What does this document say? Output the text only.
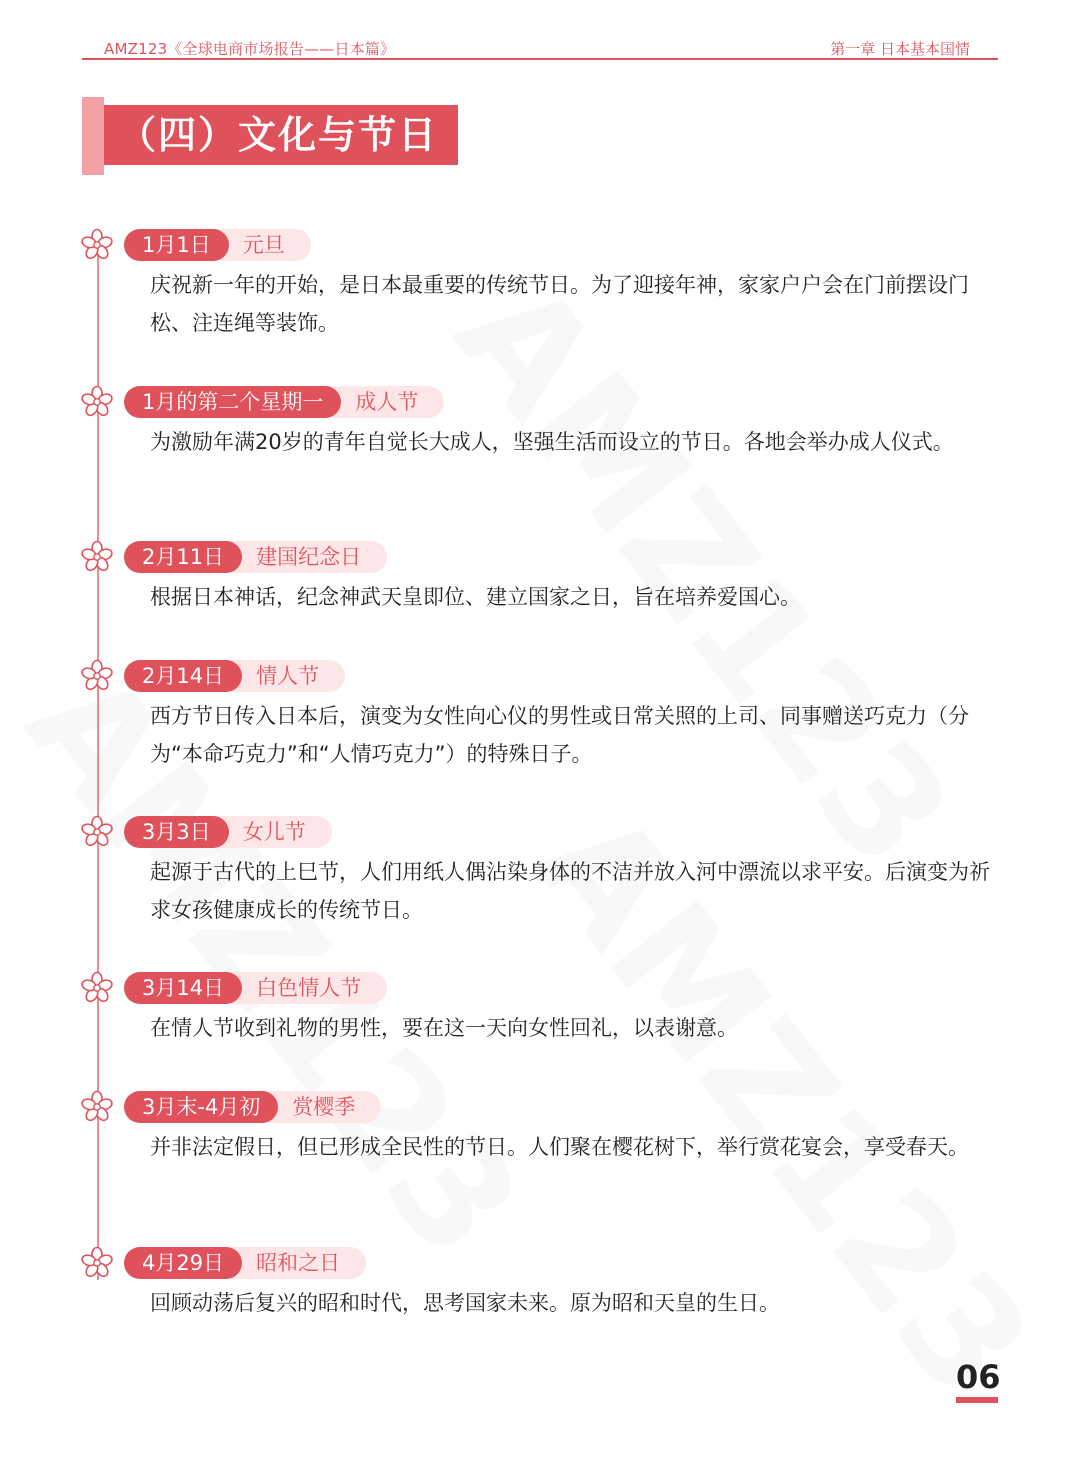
AMZ123《全球电商市场报告——日本篇》	第一章 日本基本国情
（四）文化与节日
1月1日 元旦
庆祝新一年的开始，是日本最重要的传统节日。为了迎接年神，家家户户会在门前摆设门松、注连绳等装饰。
1月的第二个星期一 成人节
为激励年满20岁的青年自觉长大成人，坚强生活而设立的节日。各地会举办成人仪式。
2月11日 建国纪念日
根据日本神话，纪念神武天皇即位、建立国家之日，旨在培养爱国心。
2月14日 情人节
西方节日传入日本后，演变为女性向心仪的男性或日常关照的上司、同事赠送巧克力（分为“本命巧克力”和“人情巧克力”）的特殊日子。
3月3日 女儿节
起源于古代的上巳节，人们用纸人偶沾染身体的不洁并放入河中漂流以求平安。后演变为祈求女孩健康成长的传统节日。
3月14日 白色情人节
在情人节收到礼物的男性，要在这一天向女性回礼，以表谢意。
3月末-4月初 赏樱季
并非法定假日，但已形成全民性的节日。人们聚在樱花树下，举行赏花宴会，享受春天。
4月29日 昭和之日
回顾动荡后复兴的昭和时代，思考国家未来。原为昭和天皇的生日。
06
